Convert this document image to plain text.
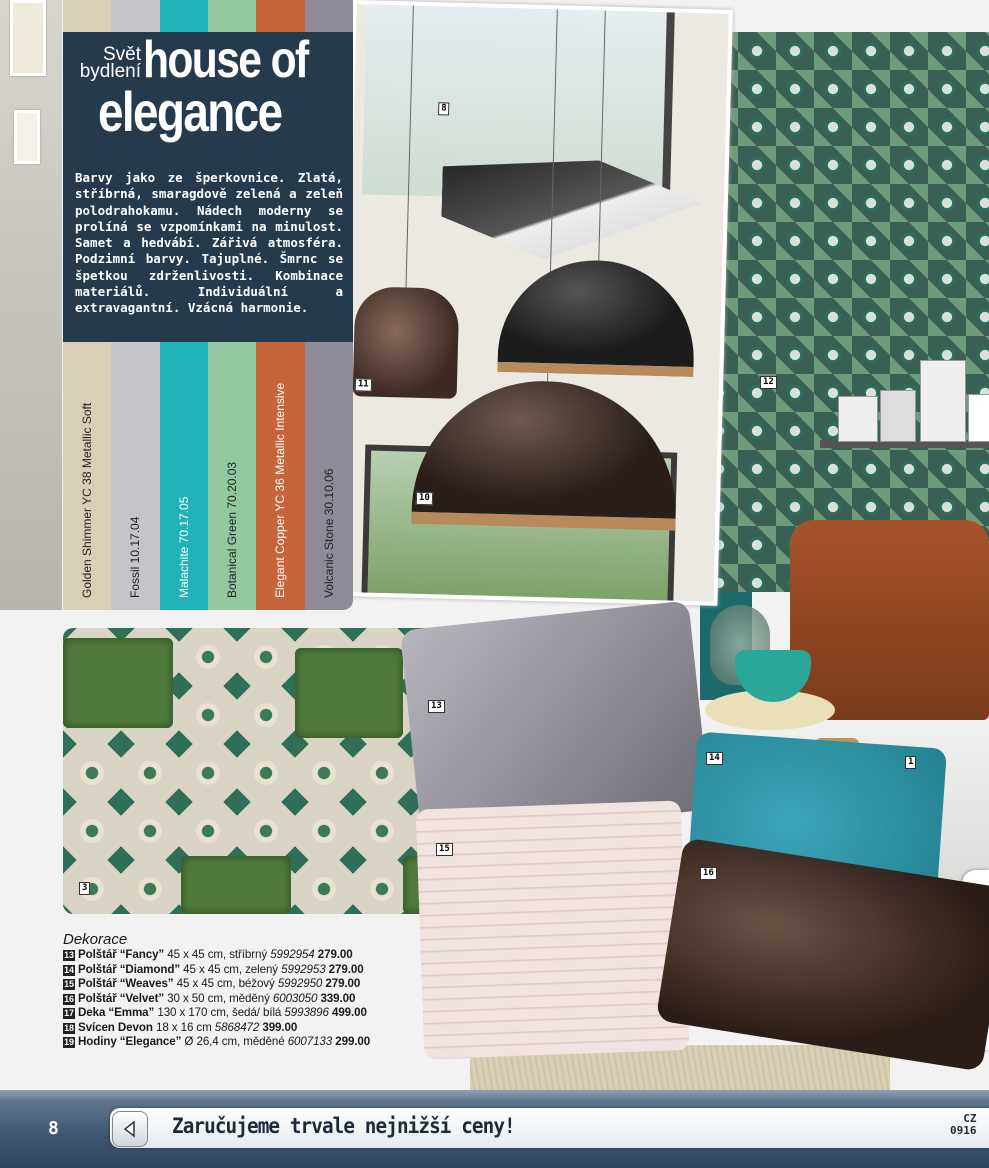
8
11
10
Svět
bydlení house of
elegance
Barvy jako ze šperkovnice. Zlatá, stříbrná, smaragdově zelená a zeleň polodrahokamu. Nádech moderny se prolíná se vzpomínkami na minulost. Samet a hedvábí. Zářivá atmosféra. Podzimní barvy. Tajuplné. Šmrnc se špetkou zdrženlivosti. Kombinace materiálů. Individuální a extravagantní. Vzácná harmonie.
Golden Shimmer YC 38 Metallic Soft	Fossil 10.17.04	Malachite 70.17.05	Botanical Green 70.20.03	Elegant Copper YC 36 Metallic Intensive	Volcanic Stone 30.10.06
3
13
14
15
16
12
1
Dekorace
13 Polštář “Fancy” 45 x 45 cm, stříbrný 5992954 279.00
14 Polštář “Diamond” 45 x 45 cm, zelený 5992953 279.00
15 Polštář “Weaves” 45 x 45 cm, béžový 5992950 279.00
16 Polštář “Velvet” 30 x 50 cm, měděný 6003050 339.00
17 Deka “Emma” 130 x 170 cm, šedá/ bílá 5993896 499.00
18 Svícen Devon 18 x 16 cm 5868472 399.00
19 Hodiny “Elegance” Ø 26,4 cm, měděné 6007133 299.00
8	Zaručujeme trvale nejnižší ceny!	CZ
0916
